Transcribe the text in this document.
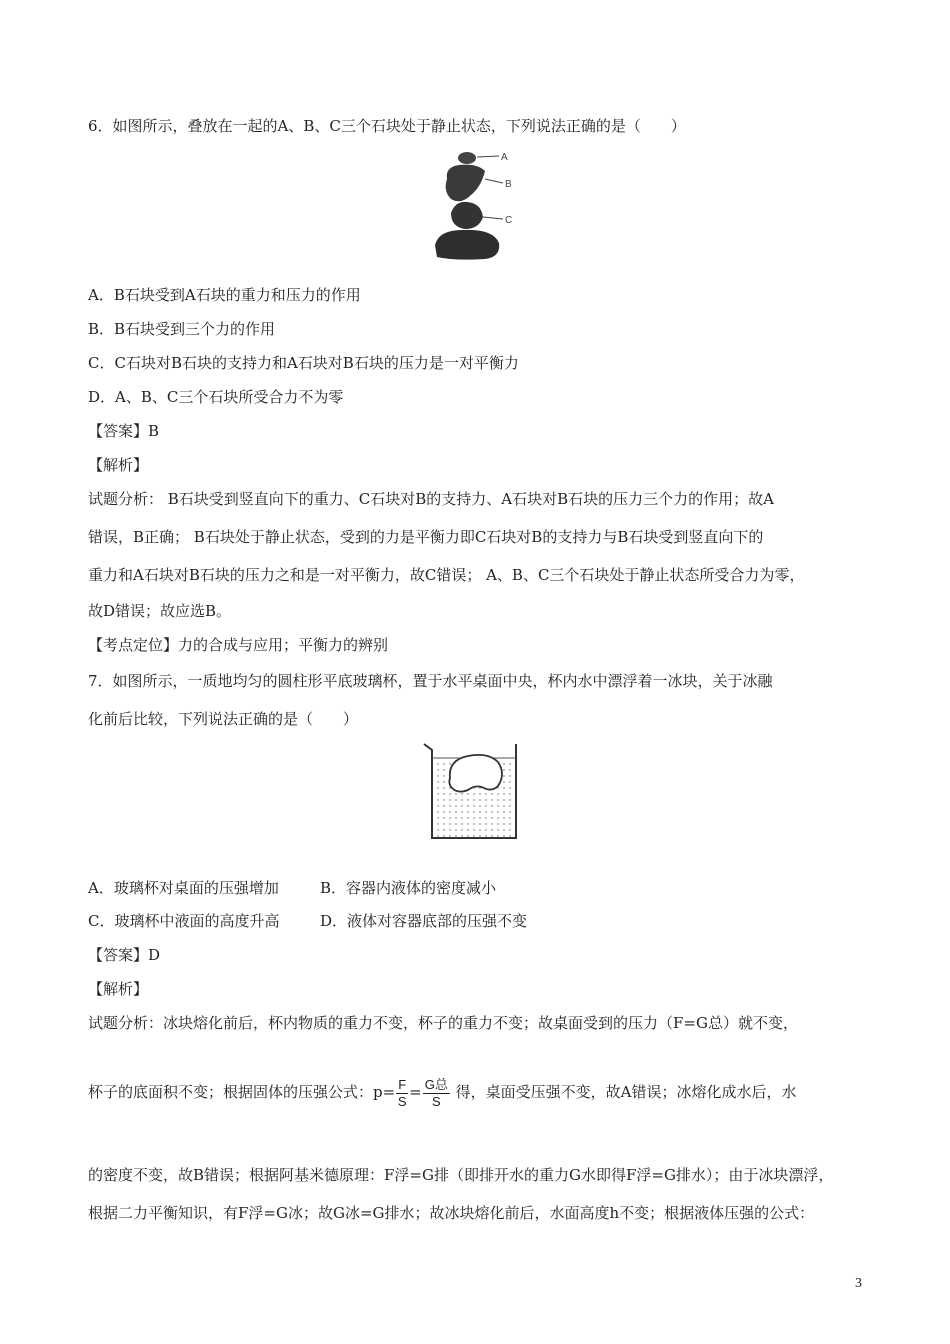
6．如图所示，叠放在一起的A、B、C三个石块处于静止状态，下列说法正确的是（　　）
A
B
C
A．B石块受到A石块的重力和压力的作用
B．B石块受到三个力的作用
C．C石块对B石块的支持力和A石块对B石块的压力是一对平衡力
D．A、B、C三个石块所受合力不为零
【答案】B
【解析】
试题分析： B石块受到竖直向下的重力、C石块对B的支持力、A石块对B石块的压力三个力的作用；故A
错误，B正确； B石块处于静止状态，受到的力是平衡力即C石块对B的支持力与B石块受到竖直向下的
重力和A石块对B石块的压力之和是一对平衡力，故C错误； A、B、C三个石块处于静止状态所受合力为零，
故D错误；故应选B。
【考点定位】力的合成与应用；平衡力的辨别
7．如图所示，一质地均匀的圆柱形平底玻璃杯，置于水平桌面中央，杯内水中漂浮着一冰块，关于冰融
化前后比较，下列说法正确的是（　　）
A．玻璃杯对桌面的压强增加	B．容器内液体的密度减小
C．玻璃杯中液面的高度升高	D．液体对容器底部的压强不变
【答案】D
【解析】
试题分析：冰块熔化前后，杯内物质的重力不变，杯子的重力不变；故桌面受到的压力（F=G总）就不变，
杯子的底面积不变；根据固体的压强公式：$p= \frac{F}{S} = \frac{\text{G总}}{S}$ 得，桌面受压强不变，故A错误；冰熔化成水后，水
的密度不变，故B错误；根据阿基米德原理：F浮=G排（即排开水的重力G水即得F浮=G排水）；由于冰块漂浮，
根据二力平衡知识，有F浮=G冰；故G冰=G排水；故冰块熔化前后，水面高度h不变；根据液体压强的公式：
3
